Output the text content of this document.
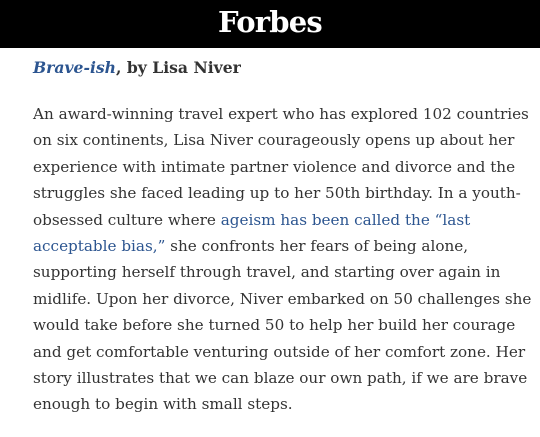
Forbes

Brave-ish, by Lisa Niver

An award-winning travel expert who has explored 102 countries
on six continents, Lisa Niver courageously opens up about her
experience with intimate partner violence and divorce and the
struggles she faced leading up to her 50th birthday. In a youth-
obsessed culture where ageism has been called the “last
acceptable bias,” she confronts her fears of being alone,
supporting herself through travel, and starting over again in
midlife. Upon her divorce, Niver embarked on 50 challenges she
would take before she turned 50 to help her build her courage
and get comfortable venturing outside of her comfort zone. Her
story illustrates that we can blaze our own path, if we are brave
enough to begin with small steps.
